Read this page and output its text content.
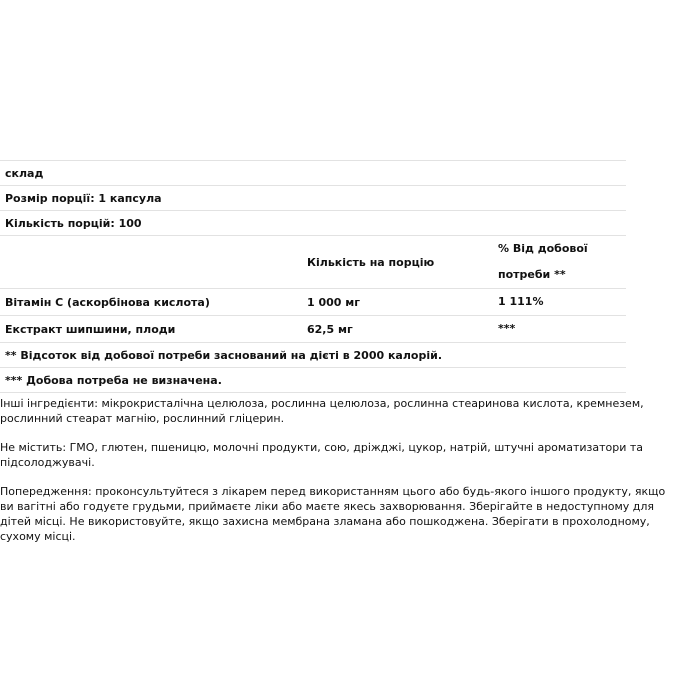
склад		
Розмір порції: 1 капсула		
Кількість порцій: 100		
	Кількість на порцію	% Від добової потреби **
Вітамін C (аскорбінова кислота)	1 000 мг	1 111%
Екстракт шипшини, плоди	62,5 мг	***
** Відсоток від добової потреби заснований на дієті в 2000 калорій.		
*** Добова потреба не визначена.		

Інші інгредієнти: мікрокристалічна целюлоза, рослинна целюлоза, рослинна стеаринова кислота, кремнезем, рослинний стеарат магнію, рослинний гліцерин.

Не містить: ГМО, глютен, пшеницю, молочні продукти, сою, дріжджі, цукор, натрій, штучні ароматизатори та підсолоджувачі.

Попередження: проконсультуйтеся з лікарем перед використанням цього або будь-якого іншого продукту, якщо ви вагітні або годуєте грудьми, приймаєте ліки або маєте якесь захворювання. Зберігайте в недоступному для дітей місці. Не використовуйте, якщо захисна мембрана зламана або пошкоджена. Зберігати в прохолодному, сухому місці.
